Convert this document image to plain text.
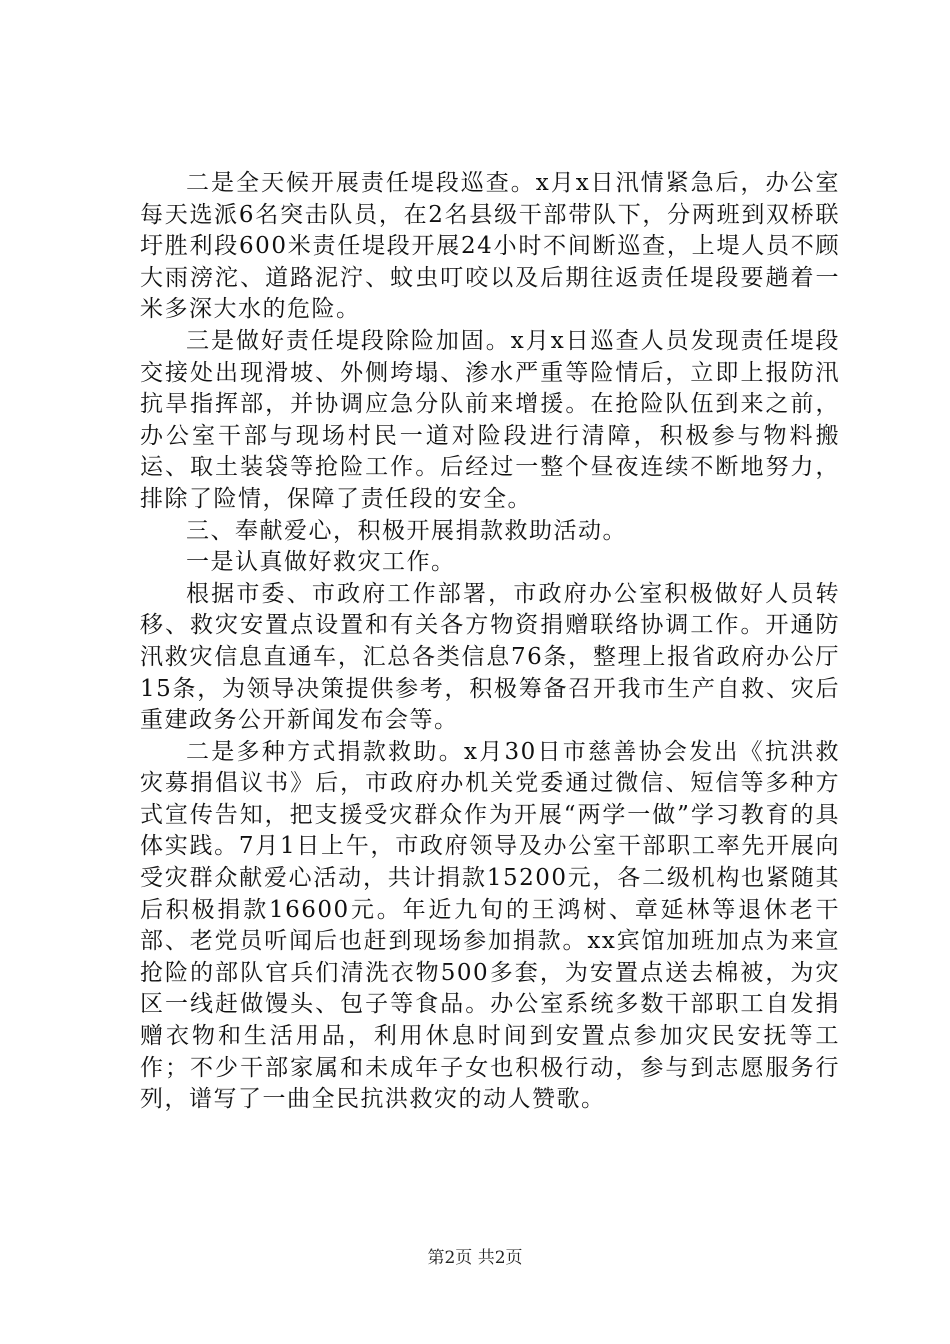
二是全天候开展责任堤段巡查。x月x日汛情紧急后，办公室每天选派6名突击队员，在2名县级干部带队下，分两班到双桥联圩胜利段600米责任堤段开展24小时不间断巡查，上堤人员不顾大雨滂沱、道路泥泞、蚊虫叮咬以及后期往返责任堤段要趟着一米多深大水的危险。

三是做好责任堤段除险加固。x月x日巡查人员发现责任堤段交接处出现滑坡、外侧垮塌、渗水严重等险情后，立即上报防汛抗旱指挥部，并协调应急分队前来增援。在抢险队伍到来之前，办公室干部与现场村民一道对险段进行清障，积极参与物料搬运、取土装袋等抢险工作。后经过一整个昼夜连续不断地努力，排除了险情，保障了责任段的安全。

三、奉献爱心，积极开展捐款救助活动。

一是认真做好救灾工作。

根据市委、市政府工作部署，市政府办公室积极做好人员转移、救灾安置点设置和有关各方物资捐赠联络协调工作。开通防汛救灾信息直通车，汇总各类信息76条，整理上报省政府办公厅15条，为领导决策提供参考，积极筹备召开我市生产自救、灾后重建政务公开新闻发布会等。

二是多种方式捐款救助。x月30日市慈善协会发出《抗洪救灾募捐倡议书》后，市政府办机关党委通过微信、短信等多种方式宣传告知，把支援受灾群众作为开展“两学一做”学习教育的具体实践。7月1日上午，市政府领导及办公室干部职工率先开展向受灾群众献爱心活动，共计捐款15200元，各二级机构也紧随其后积极捐款16600元。年近九旬的王鸿树、章延林等退休老干部、老党员听闻后也赶到现场参加捐款。xx宾馆加班加点为来宣抢险的部队官兵们清洗衣物500多套，为安置点送去棉被，为灾区一线赶做馒头、包子等食品。办公室系统多数干部职工自发捐赠衣物和生活用品，利用休息时间到安置点参加灾民安抚等工作；不少干部家属和未成年子女也积极行动，参与到志愿服务行列，谱写了一曲全民抗洪救灾的动人赞歌。

第2页 共2页
